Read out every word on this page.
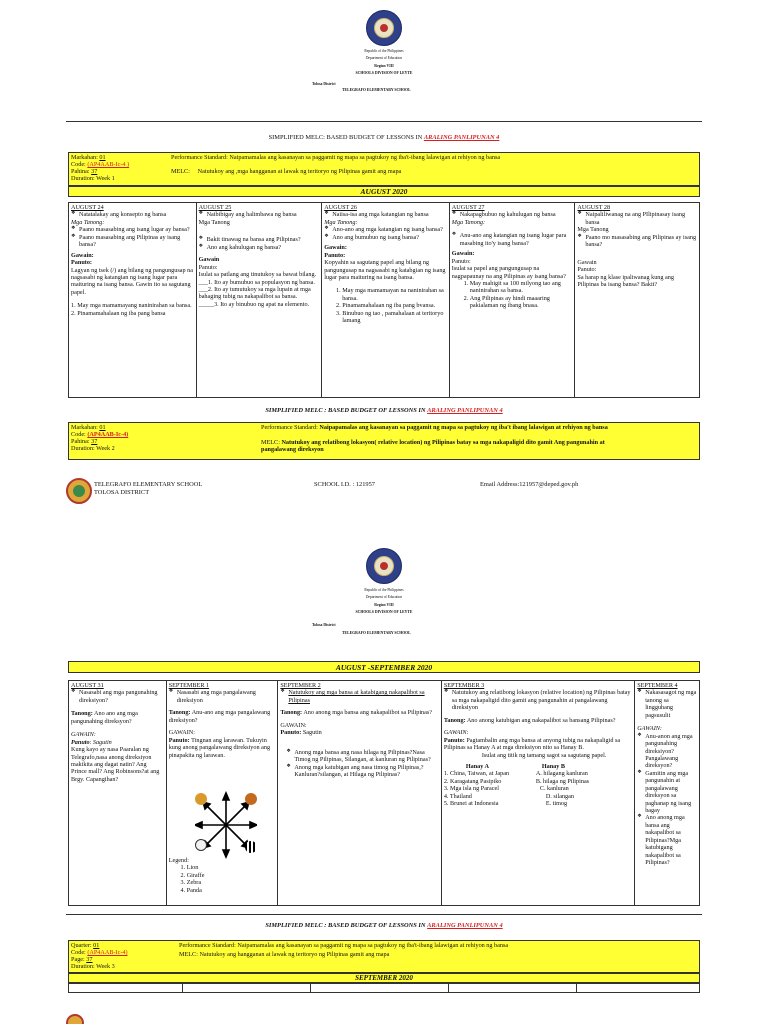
Republic of the Philippines
Department of Education
Region VIII
SCHOOLS DIVISION OF LEYTE
Tolosa District
TELEGRAFO ELEMENTARY SCHOOL
SIMPLIFIED MELC: BASED BUDGET OF LESSONS IN ARALING PANLIPUNAN 4
Markahan: 01
Code: (AP4AAB-Ic-4 )
Pahina: 37
Duration: Week 1
Performance Standard: Naipamamalas ang kasanayan sa paggamit ng mapa sa pagtukoy ng iba't-ibang lalawigan at rehiyon ng bansa
MELC: Natutukoy ang ,mga hangganan at lawak ng teritoryo ng Pilipinas gamit ang mapa
AUGUST 2020
AUGUST 24
❖ Natatalakay ang konsepto ng bansa
Mga Tanong:
❖ Paano masasabing ang isang lugar ay bansa?
❖ Paano masasabing ang Pilipinas ay isang bansa?
Gawain:
Panuto:
Lagyan ng tsek (/) ang bilang ng pangungusap na nagsasabi ng katangian ng isang lugar para maituring na isang bansa. Gawin ito sa sagutang papel.
1. May mga mamamayang naninirahan sa bansa.
2. Pinamamahalaan ng iba pang bansa
AUGUST 25
❖ Naibibigay ang halimbawa ng bansa
Mga Tanong
❖ Bakit tinawag na bansa ang Pilipinas?
❖ Ano ang kahulugan ng bansa?
Gawain
Panuto:
Isulat sa patlang ang tinutukoy sa bawat bilang.
___1. Ito ay bumubuo sa populasyon ng bansa.
___2. Ito ay tumutukoy sa mga lupain at mga bahaging tubig na nakapalibot sa bansa.
_____3. Ito ay binubuo ng apat na elemento.
AUGUST 26
❖ Naiisa-isa ang mga katangian ng bansa
Mga Tanong:
❖ Ano-ano ang mga katangian ng isang bansa?
❖ Ano ang bumubuo ng isang bansa?
Gawain:
Panuto:
Kopyahin sa sagutang papel ang bilang ng pangungusap na nagsasabi ng katabgian ng isang lugar para maituring na isang bansa.
1. May mga mamamayan na naninirahan sa bansa.
2. Pinamamahalaan ng iba pang bvansa.
3. Binubuo ng tao , pamahalaan at teritoryo lamang
AUGUST 27
❖ Nakapagbubuo ng kahulugan ng bansa
Mga Tanong:
❖ Anu-ano ang katangian ng isang lugar para masabing ito'y isang bansa?
Gawain:
Panuto:
Isulat sa papel ang pangungusap na nagpapaunay na ang Pilipinas ay isang bansa?
1. May mahigit sa 100 milyong tao ang naninirahan sa bansa.
2. Ang Pilipinas ay hindi maaaring pakialaman ng ibang bnasa.
AUGUST 28
❖ Naipaliliwanag na ang PIlipinasay isang bansa
Mga Tanong
❖ Paano mo masasabing ang Pilipinas ay isang bansa?
Gawain
Panuto:
Sa harap ng klase ipaliwanag kung ang Pilipinas ba isang bansa? Bakit?
SIMPLIFIED MELC : BASED BUDGET OF LESSONS IN ARALING PANLIPUNAN 4
Markahan: 01
Code: (AP4AAB-Ic-4)
Pahina: 37
Duration: Week 2
Performance Standard: Naipapamalas ang kasanayan sa paggamit ng mapa sa pagtukoy ng iba't ibang lalawigan at rehiyon ng bansa
MELC: Natutukoy ang relatibong lokasyon( relative location) ng Pilipinas batay sa mga nakapaligid dito gamit Ang pangunahin at pangalawang direksyon
TELEGRAFO ELEMENTARY SCHOOL
TOLOSA DISTRICT
SCHOOL I.D. : 121957	Email Address:121957@deped.gov.ph
Republic of the Philippines
Department of Education
Region VIII
SCHOOLS DIVISION OF LEYTE
Tolosa District
TELEGRAFO ELEMENTARY SCHOOL
AUGUST -SEPTEMBER 2020
AUGUST 31
❖ Nasasabi ang mga pangunahing direksiyon?
Tanong: Ano ano ang mga pangunahing direksyon?
GAWAIN:
Panuto: Sagutin
Kung kayo ay nasa Paaralan ng Telegrafo,nasa anong direksiyon makikita ang dagat natin? Ang Prince mall? Ang Robinsons?at ang Brgy. Capangihan?
SEPTEMBER 1
❖ Nasasabi ang mga pangalawang direksiyon
Tanong: Anu-ano ang mga pangalawang direksiyon?
GAWAIN:
Panuto: Tingnan ang larawan. Tukuyin kung anong pangalawang direksiyon ang pinapakita ng larawan.
Legend:
1. Lion
2. Giraffe
3. Zebra
4. Panda
SEPTEMBER 2
❖ Natutukoy ang mga bansa at katabigang nakapalibot sa Pilipinas
Tanong: Ano anong mga bansa ang nakapalibot sa Pilipinas?
GAWAIN:
Panuto: Sagutin
❖ Anong mga bansa ang nasa hilaga ng Pilipinas?Nasa Timog ng Pilipinas, Silangan, at kanluran ng Pilipinas?
❖ Anong mga katubigan ang nasa timog ng Pilipinas,? Kanluran?silangan, at Hilaga ng Pilipinas?
SEPTEMBER 3
❖ Natutukoy ang relatibong lokasyon (relative location) ng Pilipinas batay sa mga nakapaligid dito gamit ang pangunahin at pangalawang direksiyon
Tanong: Ano anong katubigan ang nakapalibot sa bansang Pilipinas?
GAWAIN:
Panuto: Pagtambalin ang mga bansa at anyong tubig na nakapaligid sa Pilipinas sa Hanay A at mga direksiyon nito sa Hanay B.
Isulat ang titik ng tamang sagot sa sagutang papel.
Hanay A
1. China, Taiwan, at Japan
2. Karagatang Pasipiko
3. Mga isla ng Paracel
4. Thailand
5. Brunei at Indonesia
Hanay B
A. hilagang kanluran
B. hilaga ng Pilipinas
C. kanluran
D. silangan
E. timog
SEPTEMBER 4
❖ Nakasasagot ng mga tanong sa lingguhang pagsusulit
GAWAIN:
❖ Anu-anon ang mga pangunahing direksiyon? Pangalawang direksyon?
❖ Gamitin ang mga pangunahin at pangalawang direksyon sa paghanap ng isang bagay
❖ Ano anong mga bansa ang nakapalibot sa Pilipinas?Mga katubigang nakapalibot sa Pilipinas?
SIMPLIFIED MELC : BASED BUDGET OF LESSONS IN ARALING PANLIPUNAN 4
Quarter: 01
Code: (AP4AAB-Ic-4)
Page: 37
Duration: Week 3
Performance Standard: Naipamamalas ang kasanayan sa paggamit ng mapa sa pagtukoy ng iba't-ibang lalawigan at rehiyon ng bansa
MELC: Natutukoy ang hangganan at lawak ng teritoryo ng Pilipinas gamit ang mapa
SEPTEMBER 2020
